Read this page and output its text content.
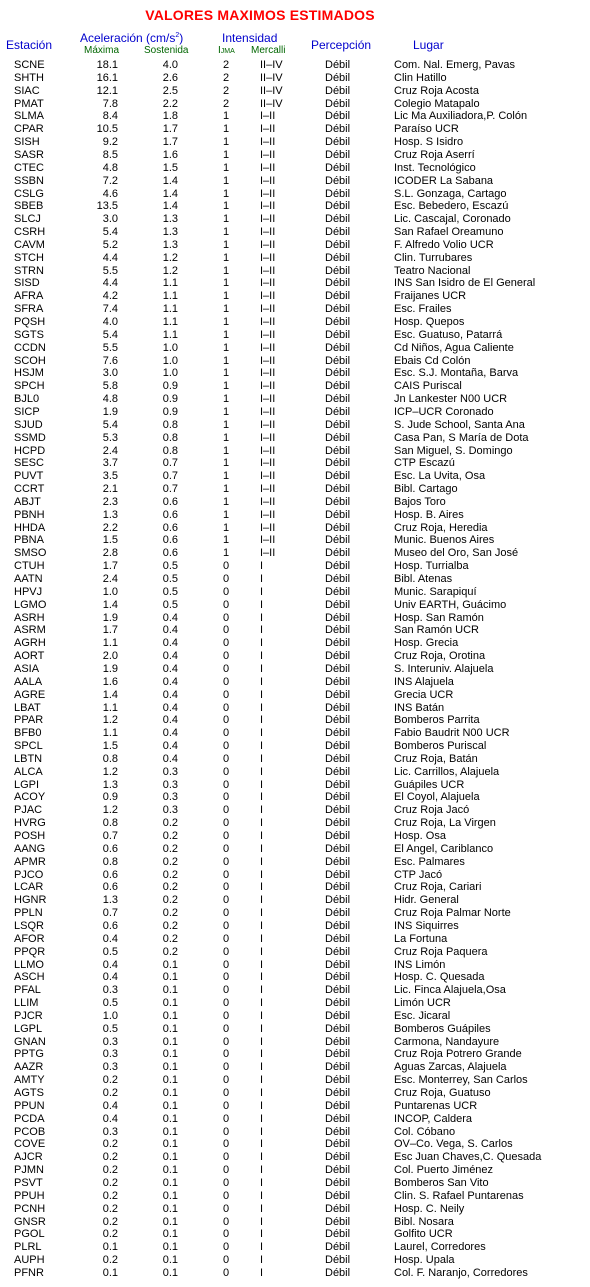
VALORES MAXIMOS ESTIMADOS
Estación Aceleración $(cm/s^2)$
Máxima Sostenida
Intensidad
IJMA Mercalli Percepción	Lugar
SCNE	18.1	4.0	2	II–IV	Débil	Com. Nal. Emerg, Pavas
SHTH	16.1	2.6	2	II–IV	Débil	Clin Hatillo
SIAC	12.1	2.5	2	II–IV	Débil	Cruz Roja Acosta
PMAT	7.8	2.2	2	II–IV	Débil	Colegio Matapalo
SLMA	8.4	1.8	1	I–II	Débil	Lic Ma Auxiliadora,P. Colón
CPAR	10.5	1.7	1	I–II	Débil	Paraíso UCR
SISH	9.2	1.7	1	I–II	Débil	Hosp. S Isidro
SASR	8.5	1.6	1	I–II	Débil	Cruz Roja Aserrí
CTEC	4.8	1.5	1	I–II	Débil	Inst. Tecnológico
SSBN	7.2	1.4	1	I–II	Débil	ICODER La Sabana
CSLG	4.6	1.4	1	I–II	Débil	S.L. Gonzaga, Cartago
SBEB	13.5	1.4	1	I–II	Débil	Esc. Bebedero, Escazú
SLCJ	3.0	1.3	1	I–II	Débil	Lic. Cascajal, Coronado
CSRH	5.4	1.3	1	I–II	Débil	San Rafael Oreamuno
CAVM	5.2	1.3	1	I–II	Débil	F. Alfredo Volio UCR
STCH	4.4	1.2	1	I–II	Débil	Clin. Turrubares
STRN	5.5	1.2	1	I–II	Débil	Teatro Nacional
SISD	4.4	1.1	1	I–II	Débil	INS San Isidro de El General
AFRA	4.2	1.1	1	I–II	Débil	Fraijanes UCR
SFRA	7.4	1.1	1	I–II	Débil	Esc. Frailes
PQSH	4.0	1.1	1	I–II	Débil	Hosp. Quepos
SGTS	5.4	1.1	1	I–II	Débil	Esc. Guatuso, Patarrá
CCDN	5.5	1.0	1	I–II	Débil	Cd Niños, Agua Caliente
SCOH	7.6	1.0	1	I–II	Débil	Ebais Cd Colón
HSJM	3.0	1.0	1	I–II	Débil	Esc. S.J. Montaña, Barva
SPCH	5.8	0.9	1	I–II	Débil	CAIS Puriscal
BJL0	4.8	0.9	1	I–II	Débil	Jn Lankester N00 UCR
SICP	1.9	0.9	1	I–II	Débil	ICP–UCR Coronado
SJUD	5.4	0.8	1	I–II	Débil	S. Jude School, Santa Ana
SSMD	5.3	0.8	1	I–II	Débil	Casa Pan, S María de Dota
HCPD	2.4	0.8	1	I–II	Débil	San Miguel, S. Domingo
SESC	3.7	0.7	1	I–II	Débil	CTP Escazú
PUVT	3.5	0.7	1	I–II	Débil	Esc. La Uvita, Osa
CCRT	2.1	0.7	1	I–II	Débil	Bibl. Cartago
ABJT	2.3	0.6	1	I–II	Débil	Bajos Toro
PBNH	1.3	0.6	1	I–II	Débil	Hosp. B. Aires
HHDA	2.2	0.6	1	I–II	Débil	Cruz Roja, Heredia
PBNA	1.5	0.6	1	I–II	Débil	Munic. Buenos Aires
SMSO	2.8	0.6	1	I–II	Débil	Museo del Oro, San José
CTUH	1.7	0.5	0	I	Débil	Hosp. Turrialba
AATN	2.4	0.5	0	I	Débil	Bibl. Atenas
HPVJ	1.0	0.5	0	I	Débil	Munic. Sarapiquí
LGMO	1.4	0.5	0	I	Débil	Univ EARTH, Guácimo
ASRH	1.9	0.4	0	I	Débil	Hosp. San Ramón
ASRM	1.7	0.4	0	I	Débil	San Ramón UCR
AGRH	1.1	0.4	0	I	Débil	Hosp. Grecia
AORT	2.0	0.4	0	I	Débil	Cruz Roja, Orotina
ASIA	1.9	0.4	0	I	Débil	S. Interuniv. Alajuela
AALA	1.6	0.4	0	I	Débil	INS Alajuela
AGRE	1.4	0.4	0	I	Débil	Grecia UCR
LBAT	1.1	0.4	0	I	Débil	INS Batán
PPAR	1.2	0.4	0	I	Débil	Bomberos Parrita
BFB0	1.1	0.4	0	I	Débil	Fabio Baudrit N00 UCR
SPCL	1.5	0.4	0	I	Débil	Bomberos Puriscal
LBTN	0.8	0.4	0	I	Débil	Cruz Roja, Batán
ALCA	1.2	0.3	0	I	Débil	Lic. Carrillos, Alajuela
LGPI	1.3	0.3	0	I	Débil	Guápiles UCR
ACOY	0.9	0.3	0	I	Débil	El Coyol, Alajuela
PJAC	1.2	0.3	0	I	Débil	Cruz Roja Jacó
HVRG	0.8	0.2	0	I	Débil	Cruz Roja, La Virgen
POSH	0.7	0.2	0	I	Débil	Hosp. Osa
AANG	0.6	0.2	0	I	Débil	El Angel, Cariblanco
APMR	0.8	0.2	0	I	Débil	Esc. Palmares
PJCO	0.6	0.2	0	I	Débil	CTP Jacó
LCAR	0.6	0.2	0	I	Débil	Cruz Roja, Cariari
HGNR	1.3	0.2	0	I	Débil	Hidr. General
PPLN	0.7	0.2	0	I	Débil	Cruz Roja Palmar Norte
LSQR	0.6	0.2	0	I	Débil	INS Siquirres
AFOR	0.4	0.2	0	I	Débil	La Fortuna
PPQR	0.5	0.2	0	I	Débil	Cruz Roja Paquera
LLMO	0.4	0.1	0	I	Débil	INS Limón
ASCH	0.4	0.1	0	I	Débil	Hosp. C. Quesada
PFAL	0.3	0.1	0	I	Débil	Lic. Finca Alajuela,Osa
LLIM	0.5	0.1	0	I	Débil	Limón UCR
PJCR	1.0	0.1	0	I	Débil	Esc. Jicaral
LGPL	0.5	0.1	0	I	Débil	Bomberos Guápiles
GNAN	0.3	0.1	0	I	Débil	Carmona, Nandayure
PPTG	0.3	0.1	0	I	Débil	Cruz Roja Potrero Grande
AAZR	0.3	0.1	0	I	Débil	Aguas Zarcas, Alajuela
AMTY	0.2	0.1	0	I	Débil	Esc. Monterrey, San Carlos
AGTS	0.2	0.1	0	I	Débil	Cruz Roja, Guatuso
PPUN	0.4	0.1	0	I	Débil	Puntarenas UCR
PCDA	0.4	0.1	0	I	Débil	INCOP, Caldera
PCOB	0.3	0.1	0	I	Débil	Col. Cóbano
COVE	0.2	0.1	0	I	Débil	OV–Co. Vega, S. Carlos
AJCR	0.2	0.1	0	I	Débil	Esc Juan Chaves,C. Quesada
PJMN	0.2	0.1	0	I	Débil	Col. Puerto Jiménez
PSVT	0.2	0.1	0	I	Débil	Bomberos San Vito
PPUH	0.2	0.1	0	I	Débil	Clin. S. Rafael Puntarenas
PCNH	0.2	0.1	0	I	Débil	Hosp. C. Neily
GNSR	0.2	0.1	0	I	Débil	Bibl. Nosara
PGOL	0.2	0.1	0	I	Débil	Golfito UCR
PLRL	0.1	0.1	0	I	Débil	Laurel, Corredores
AUPH	0.2	0.1	0	I	Débil	Hosp. Upala
PFNR	0.1	0.1	0	I	Débil	Col. F. Naranjo, Corredores
